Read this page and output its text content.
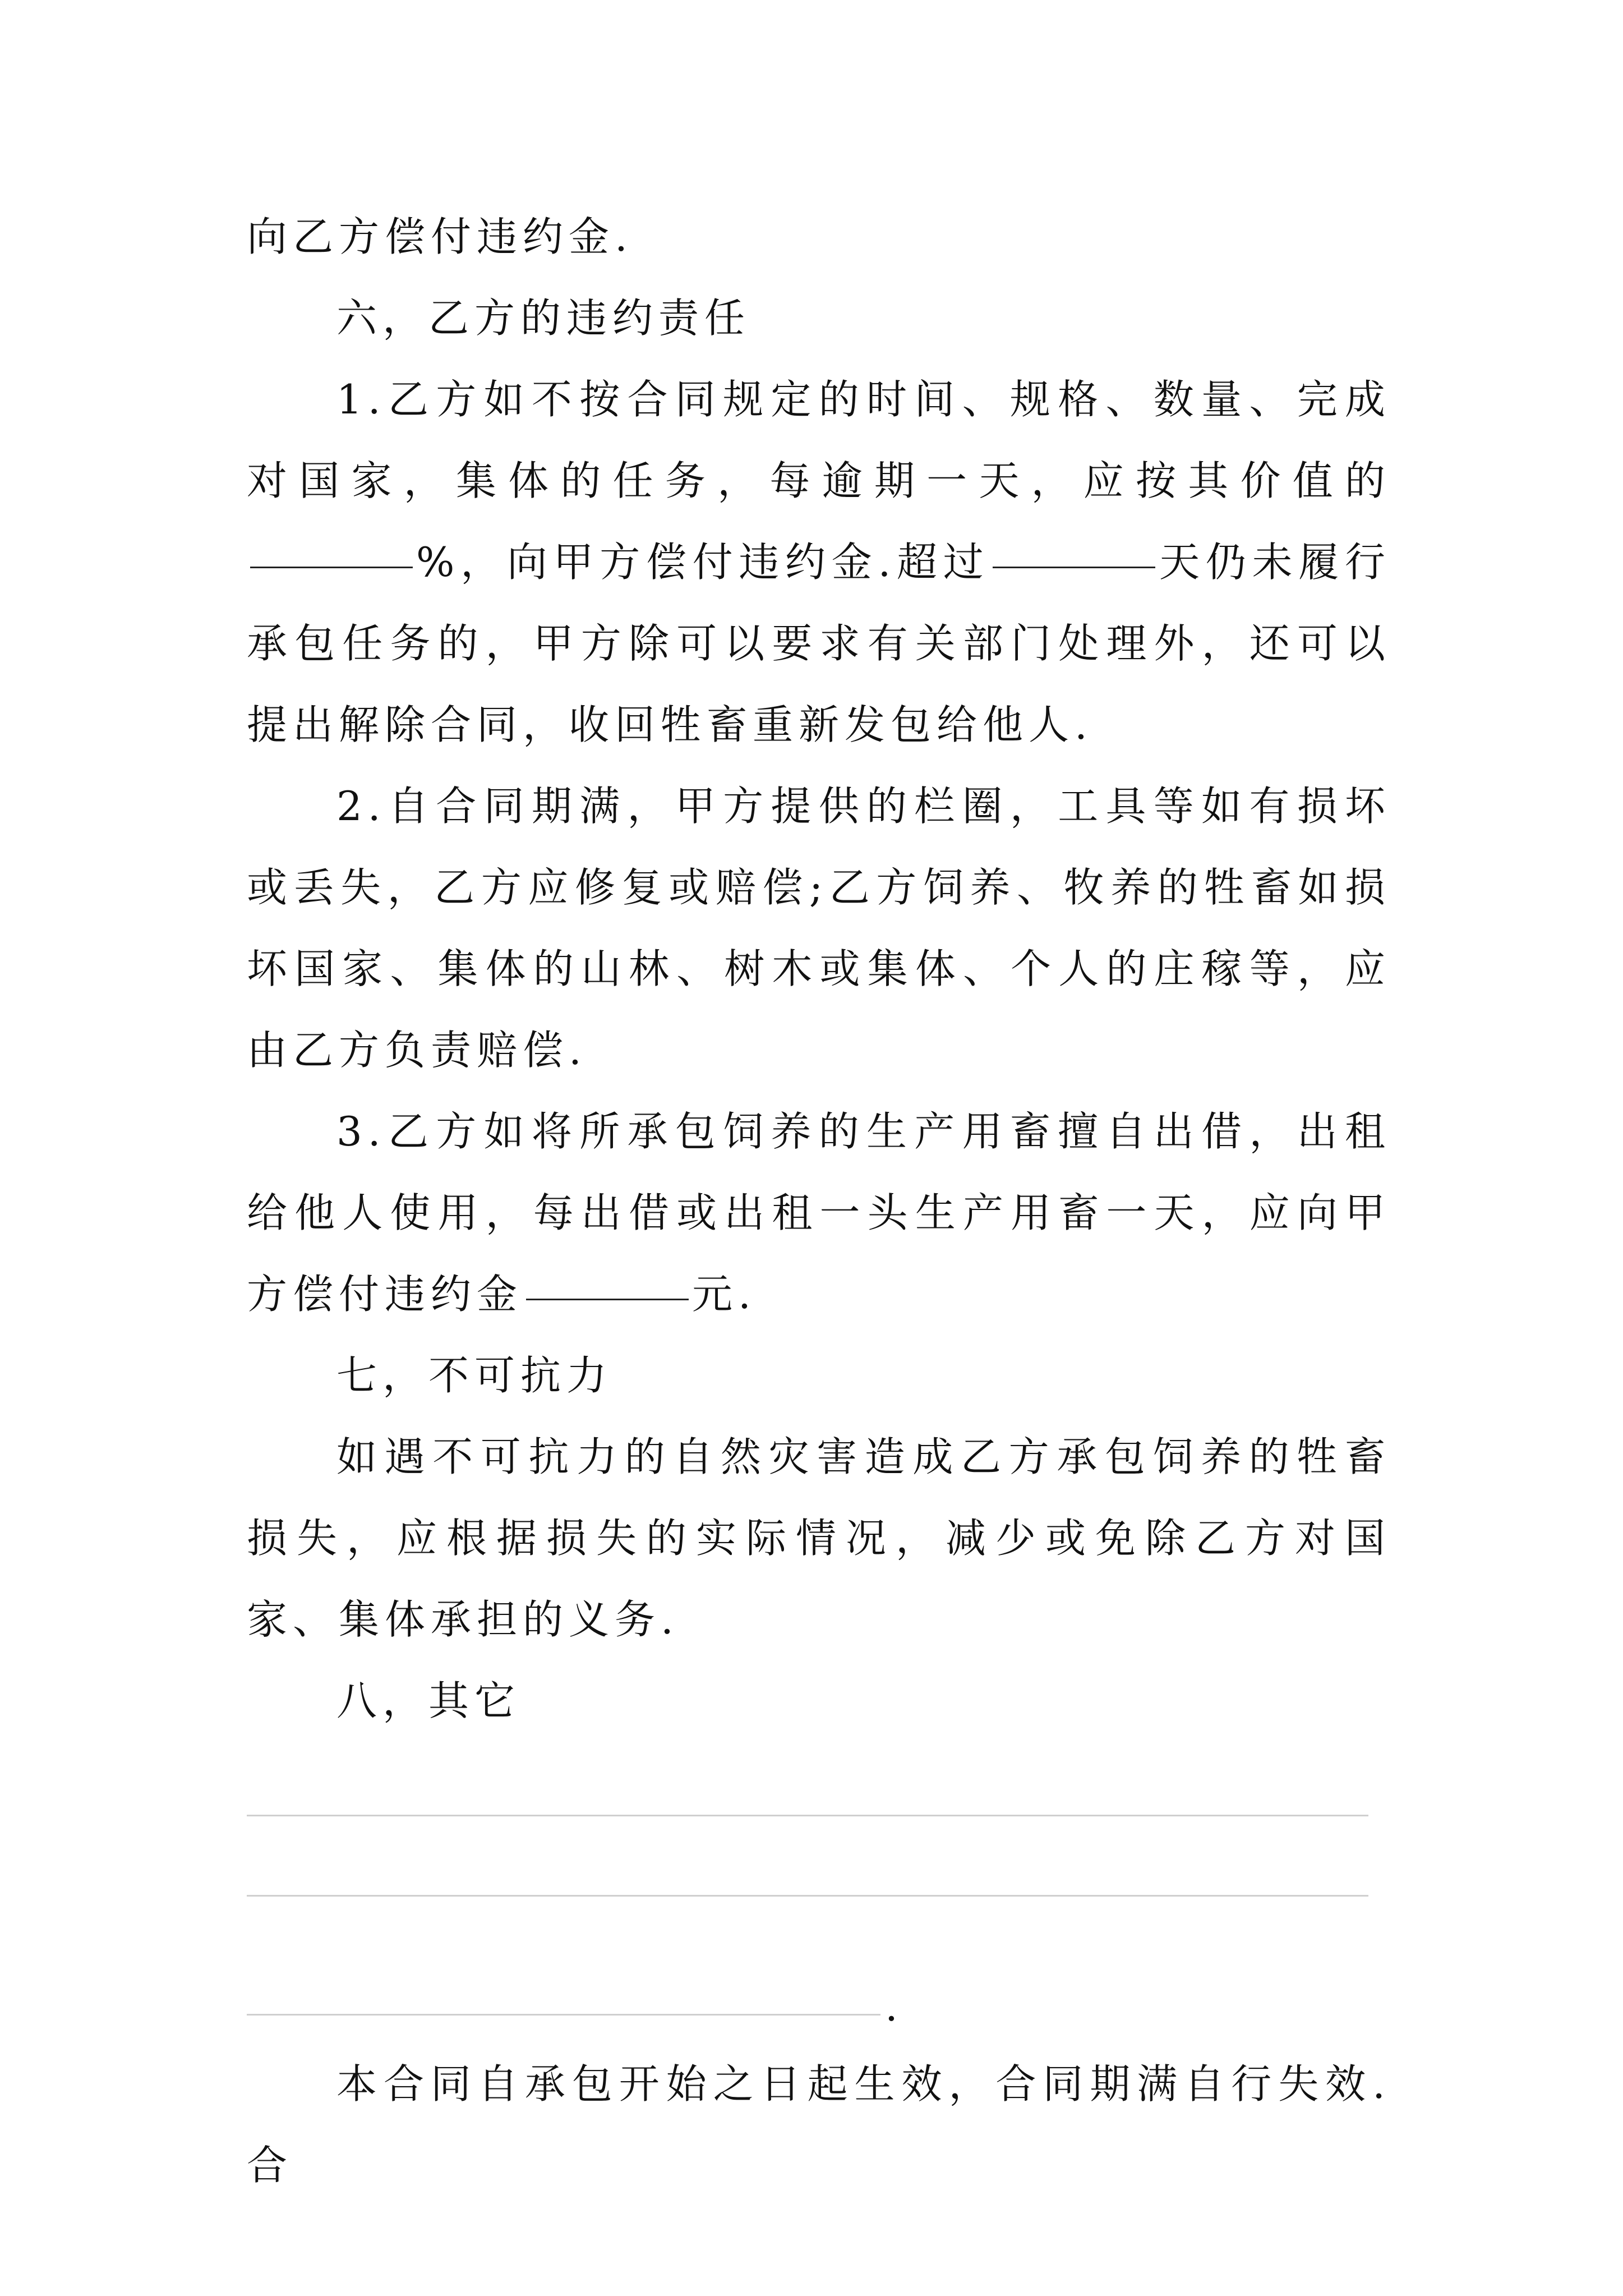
向乙方偿付违约金.

六，乙方的违约责任

1.乙方如不按合同规定的时间、规格、数量、完成对国家，集体的任务，每逾期一天，应按其价值的%，向甲方偿付违约金.超过	天仍未履行承包任务的，甲方除可以要求有关部门处理外，还可以提出解除合同，收回牲畜重新发包给他人.

2.自合同期满，甲方提供的栏圈，工具等如有损坏或丢失，乙方应修复或赔偿;乙方饲养、牧养的牲畜如损坏国家、集体的山林、树木或集体、个人的庄稼等，应由乙方负责赔偿.

3.乙方如将所承包饲养的生产用畜擅自出借，出租给他人使用，每出借或出租一头生产用畜一天，应向甲方偿付违约金	元.

七，不可抗力

如遇不可抗力的自然灾害造成乙方承包饲养的牲畜损失，应根据损失的实际情况，减少或免除乙方对国家、集体承担的义务.

八，其它

.

本合同自承包开始之日起生效，合同期满自行失效.合
